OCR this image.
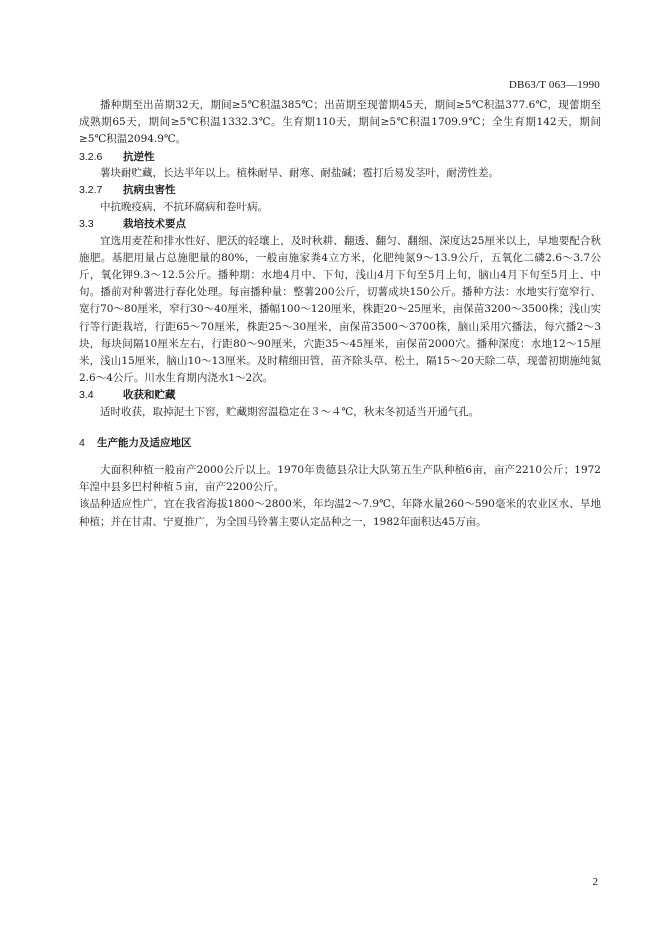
DB63/T 063—1990

播种期至出苗期32天，期间≥5℃积温385℃；出苗期至现蕾期45天，期间≥5℃积温377.6℃，现蕾期至成熟期65天，期间≥5℃积温1332.3℃。生育期110天，期间≥5℃积温1709.9℃；全生育期142天，期间≥5℃积温2094.9℃。

3.2.6 抗逆性

薯块耐贮藏，长达半年以上。植株耐旱、耐寒、耐盐碱；雹打后易发茎叶，耐涝性差。

3.2.7 抗病虫害性

中抗晚疫病，不抗环腐病和卷叶病。

3.3	栽培技术要点

宜选用麦茬和排水性好、肥沃的轻壤上，及时秋耕、翻透、翻匀、翻细、深度达25厘米以上，早地要配合秋施肥。基肥用量占总施肥量的80%，一般亩施家粪4立方米，化肥纯氮9～13.9公斤，五氧化二磷2.6～3.7公斤，氧化钾9.3～12.5公斤。播种期：水地4月中、下旬，浅山4月下旬至5月上旬，脑山4月下旬至5月上、中旬。播前对种薯进行春化处理。每亩播种量：整薯200公斤，切薯成块150公斤。播种方法：水地实行宽窄行、宽行70～80厘米，窄行30～40厘米，播幅100～120厘米，株距20～25厘米，亩保苗3200～3500株；浅山实行等行距栽培，行距65～70厘米，株距25～30厘米，亩保苗3500～3700株，脑山采用穴播法，每穴播2～3块，每块间隔10厘米左右，行距80～90厘米，穴距35～45厘米，亩保苗2000穴。播种深度：水地12～15厘米，浅山15厘米，脑山10～13厘米。及时精细田管，苗齐除头草、松土，隔15～20天除二草，现蕾初期施纯氮2.6～4公斤。川水生育期内浇水1～2次。

3.4	收获和贮藏

适时收获，取掉泥土下窖，贮藏期窖温稳定在３～４℃，秋末冬初适当开通气孔。

4 生产能力及适应地区

大面积种植一般亩产2000公斤以上。1970年贵德县尕让大队第五生产队种植6亩，亩产2210公斤；1972年湟中县多巴村种植５亩，亩产2200公斤。

该品种适应性广，宜在我省海拔1800～2800米，年均温2～7.9℃、年降水量260～590毫米的农业区水、旱地种植；并在甘肃、宁夏推广，为全国马铃薯主要认定品种之一，1982年面积达45万亩。

2
